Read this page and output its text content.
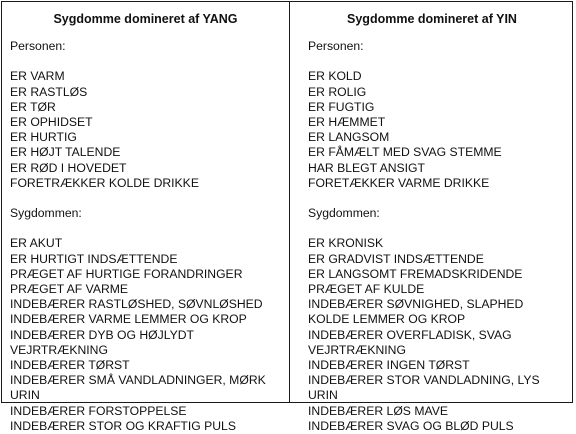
Sygdomme domineret af YANG
Personen:
ER VARM
ER RASTLØS
ER TØR
ER OPHIDSET
ER HURTIG
ER HØJT TALENDE
ER RØD I HOVEDET
FORETRÆKKER KOLDE DRIKKE
Sygdommen:
ER AKUT
ER HURTIGT INDSÆTTENDE
PRÆGET AF HURTIGE FORANDRINGER
PRÆGET AF VARME
INDEBÆRER RASTLØSHED, SØVNLØSHED
INDEBÆRER VARME LEMMER OG KROP
INDEBÆRER DYB OG HØJLYDT
VEJRTRÆKNING
INDEBÆRER TØRST
INDEBÆRER SMÅ VANDLADNINGER, MØRK
URIN
INDEBÆRER FORSTOPPELSE
INDEBÆRER STOR OG KRAFTIG PULS
Sygdomme domineret af YIN
Personen:
ER KOLD
ER ROLIG
ER FUGTIG
ER HÆMMET
ER LANGSOM
ER FÅMÆLT MED SVAG STEMME
HAR BLEGT ANSIGT
FORETÆKKER VARME DRIKKE
Sygdommen:
ER KRONISK
ER GRADVIST INDSÆTTENDE
ER LANGSOMT FREMADSKRIDENDE
PRÆGET AF KULDE
INDEBÆRER SØVNIGHED, SLAPHED
KOLDE LEMMER OG KROP
INDEBÆRER OVERFLADISK, SVAG
VEJRTRÆKNING
INDEBÆRER INGEN TØRST
INDEBÆRER STOR VANDLADNING, LYS
URIN
INDEBÆRER LØS MAVE
INDEBÆRER SVAG OG BLØD PULS
